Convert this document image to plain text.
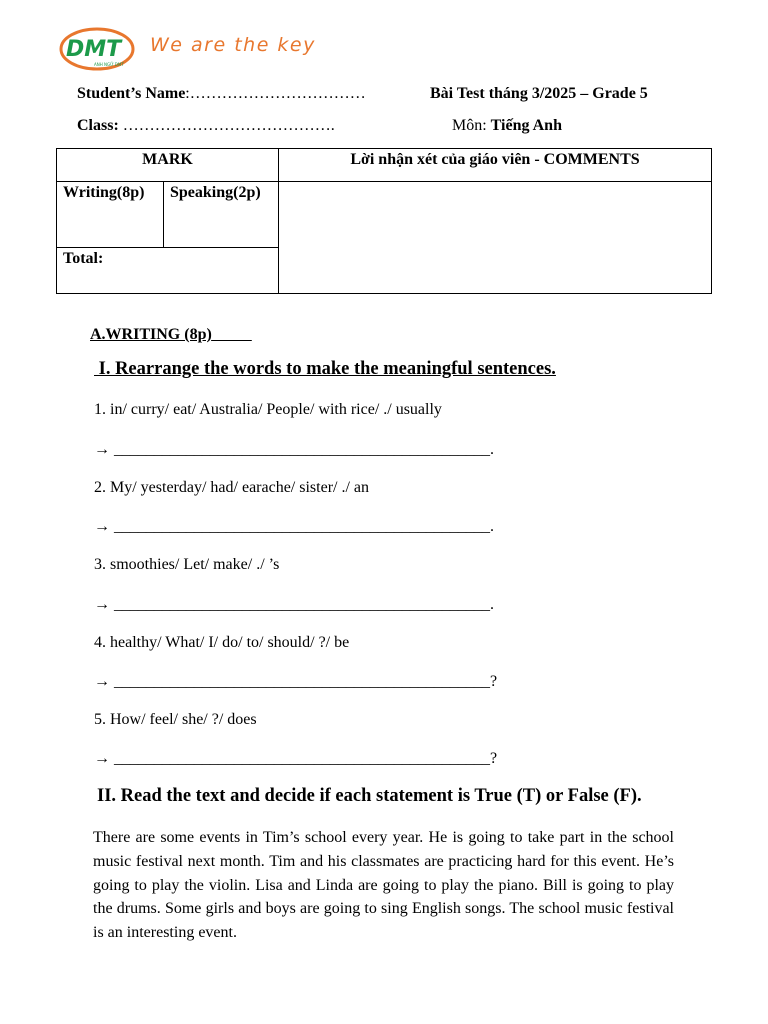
DMT
ANH NGỮ DMT
We are the key
Student’s Name:……………………………	Bài Test tháng 3/2025 – Grade 5
Class: ………………………………….	Môn: Tiếng Anh
MARK		Lời nhận xét của giáo viên - COMMENTS
Writing(8p)	Speaking(2p)	
Total:		
A.WRITING (8p)
I. Rearrange the words to make the meaningful sentences.
1. in/ curry/ eat/ Australia/ People/ with rice/ ./ usually
→ _______________________________________________.
2. My/ yesterday/ had/ earache/ sister/ ./ an
→ _______________________________________________.
3. smoothies/ Let/ make/ ./ ’s
→ _______________________________________________.
4. healthy/ What/ I/ do/ to/ should/ ?/ be
→ _______________________________________________?
5. How/ feel/ she/ ?/ does
→ _______________________________________________?
II. Read the text and decide if each statement is True (T) or False (F).
There are some events in Tim’s school every year. He is going to take part in the school music festival next month. Tim and his classmates are practicing hard for this event. He’s going to play the violin. Lisa and Linda are going to play the piano. Bill is going to play the drums. Some girls and boys are going to sing English songs. The school music festival is an interesting event.
